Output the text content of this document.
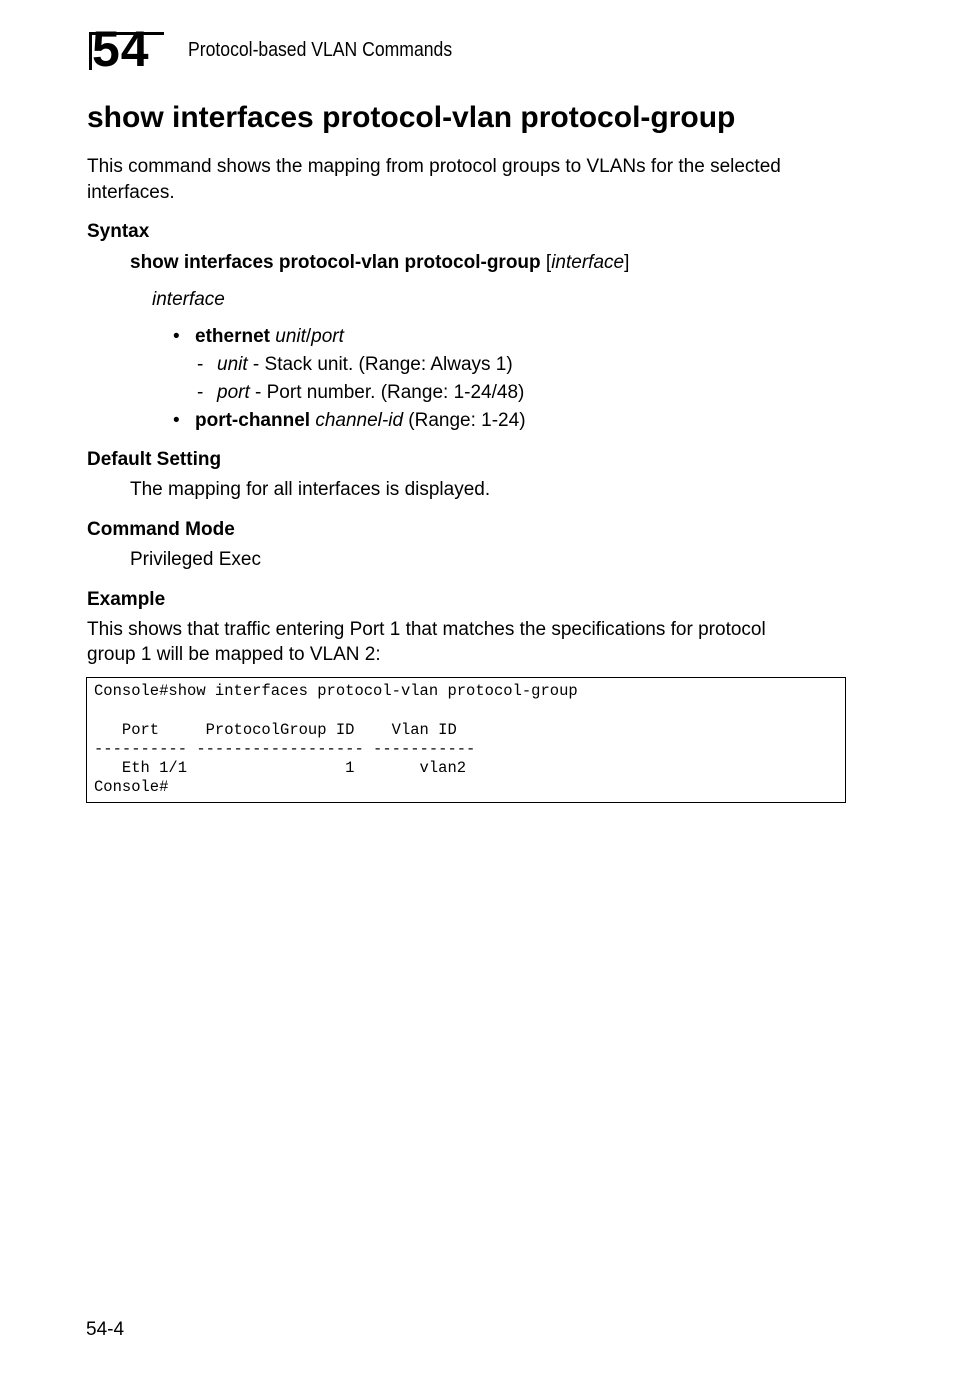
54 Protocol-based VLAN Commands
show interfaces protocol-vlan protocol-group

This command shows the mapping from protocol groups to VLANs for the selected

interfaces.

Syntax

show interfaces protocol-vlan protocol-group [interface]

interface

• ethernet unit/port

- unit - Stack unit. (Range: Always 1)

- port - Port number. (Range: 1-24/48)

• port-channel channel-id (Range: 1-24)

Default Setting

The mapping for all interfaces is displayed.

Command Mode

Privileged Exec

Example

This shows that traffic entering Port 1 that matches the specifications for protocol

group 1 will be mapped to VLAN 2:

Console#show interfaces protocol-vlan protocol-group

Port     ProtocolGroup ID    Vlan ID
---------- ------------------ -----------
Eth 1/1                 1       vlan2
Console#
54-4
